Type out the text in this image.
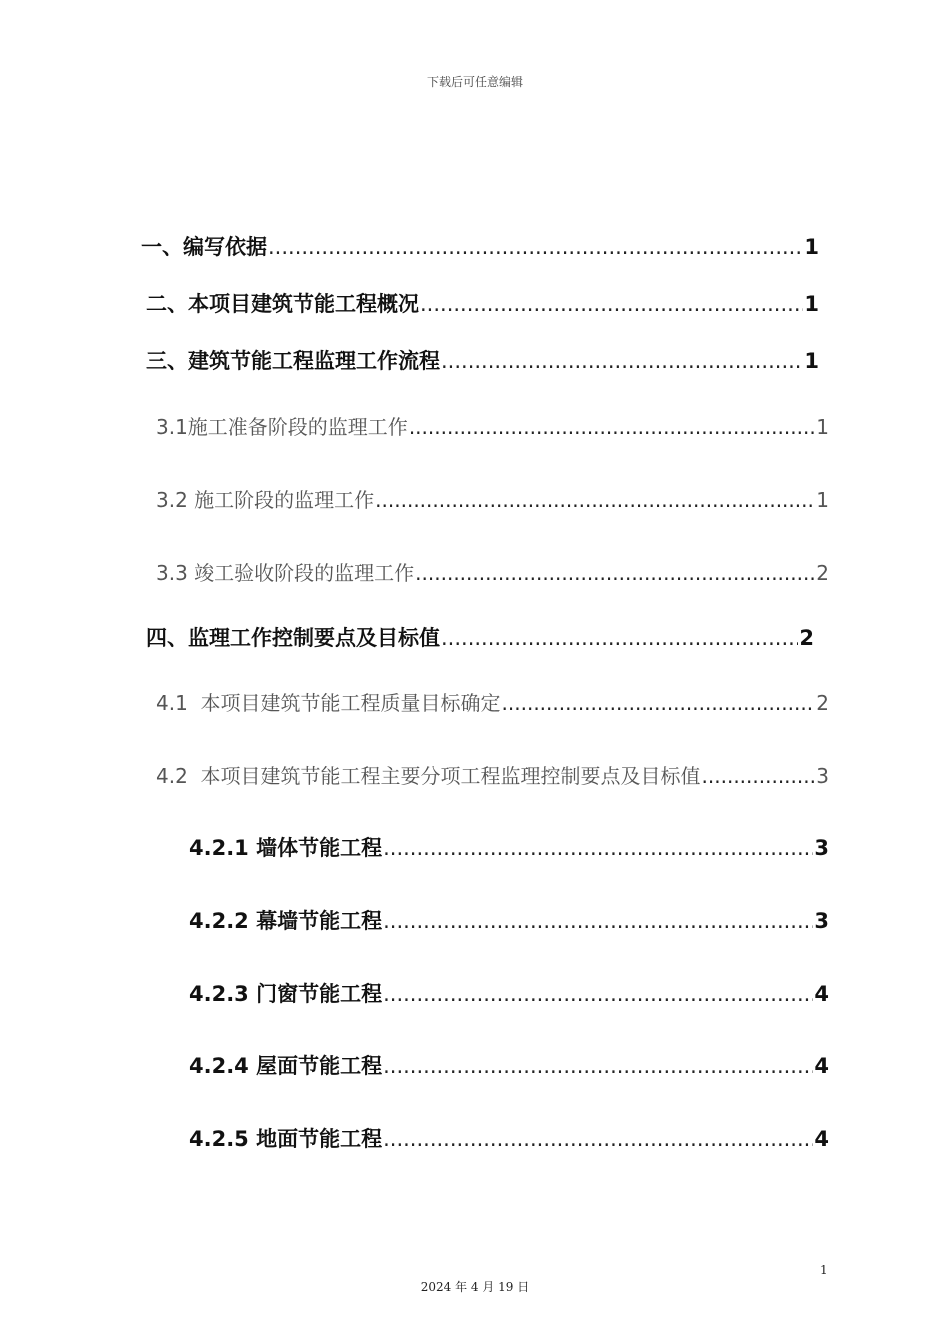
下载后可任意编辑
一、编写依据 .....	1
二、本项目建筑节能工程概况 .....	1
三、建筑节能工程监理工作流程 .....	1
3.1施工准备阶段的监理工作 .....	1
3.2 施工阶段的监理工作 .....	1
3.3 竣工验收阶段的监理工作 .....	2
四、监理工作控制要点及目标值 .....	2
4.1  本项目建筑节能工程质量目标确定 .....	2
4.2  本项目建筑节能工程主要分项工程监理控制要点及目标值 .....	3
4.2.1 墙体节能工程 .....	3
4.2.2 幕墙节能工程 .....	3
4.2.3 门窗节能工程 .....	4
4.2.4 屋面节能工程 .....	4
4.2.5 地面节能工程 .....	4
1
2024 年 4 月 19 日
